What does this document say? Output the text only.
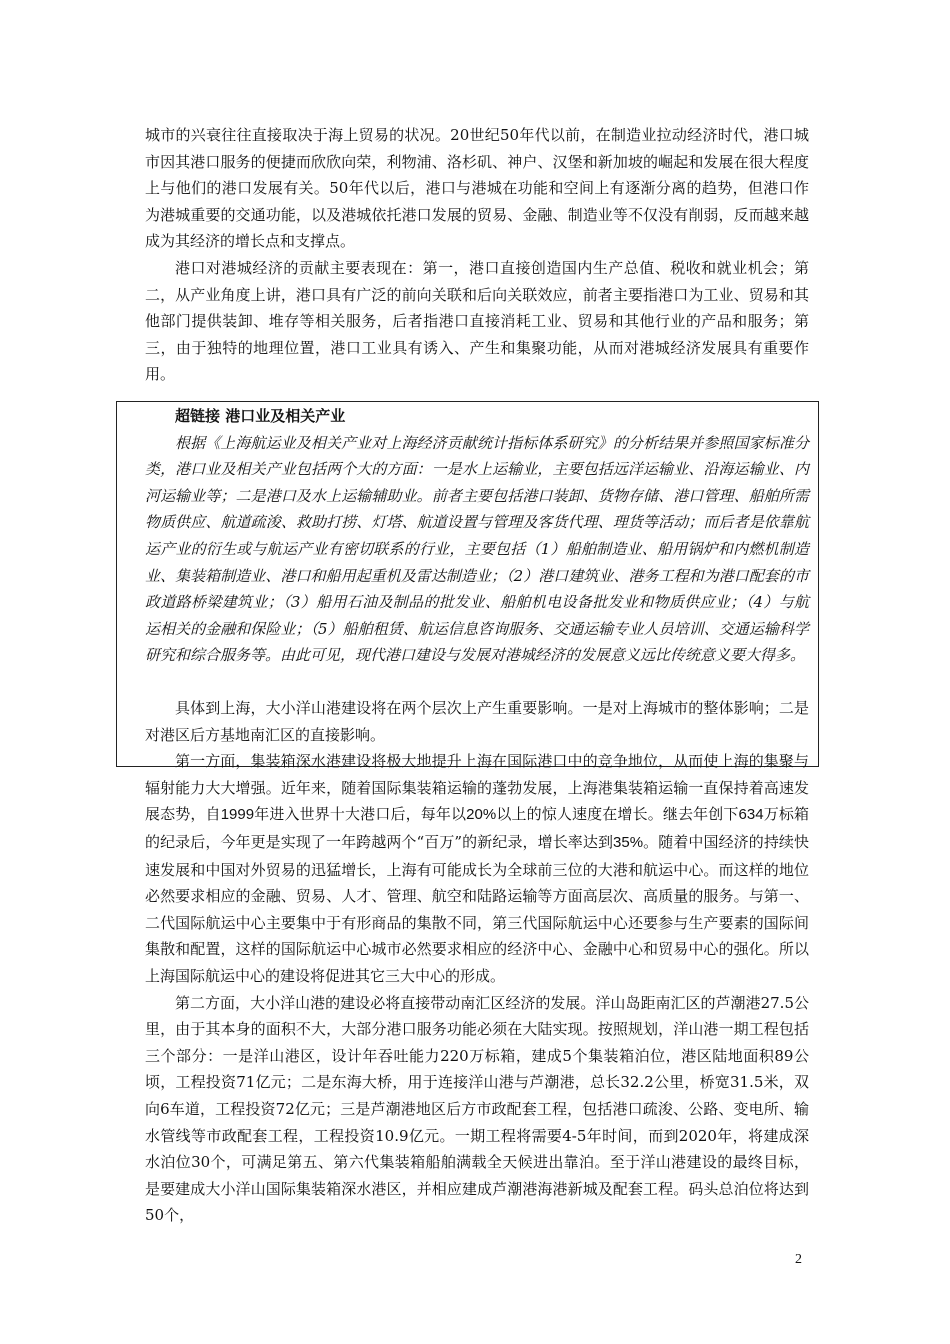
城市的兴衰往往直接取决于海上贸易的状况。20世纪50年代以前，在制造业拉动经济时代，港口城市因其港口服务的便捷而欣欣向荣，利物浦、洛杉矶、神户、汉堡和新加坡的崛起和发展在很大程度上与他们的港口发展有关。50年代以后，港口与港城在功能和空间上有逐渐分离的趋势，但港口作为港城重要的交通功能，以及港城依托港口发展的贸易、金融、制造业等不仅没有削弱，反而越来越成为其经济的增长点和支撑点。

港口对港城经济的贡献主要表现在：第一，港口直接创造国内生产总值、税收和就业机会；第二，从产业角度上讲，港口具有广泛的前向关联和后向关联效应，前者主要指港口为工业、贸易和其他部门提供装卸、堆存等相关服务，后者指港口直接消耗工业、贸易和其他行业的产品和服务；第三，由于独特的地理位置，港口工业具有诱入、产生和集聚功能，从而对港城经济发展具有重要作用。

超链接 港口业及相关产业

根据《上海航运业及相关产业对上海经济贡献统计指标体系研究》的分析结果并参照国家标准分类，港口业及相关产业包括两个大的方面：一是水上运输业，主要包括远洋运输业、沿海运输业、内河运输业等；二是港口及水上运输辅助业。前者主要包括港口装卸、货物存储、港口管理、船舶所需物质供应、航道疏浚、救助打捞、灯塔、航道设置与管理及客货代理、理货等活动；而后者是依靠航运产业的衍生或与航运产业有密切联系的行业，主要包括（1）船舶制造业、船用锅炉和内燃机制造业、集装箱制造业、港口和船用起重机及雷达制造业；（2）港口建筑业、港务工程和为港口配套的市政道路桥梁建筑业；（3）船用石油及制品的批发业、船舶机电设备批发业和物质供应业；（4）与航运相关的金融和保险业；（5）船舶租赁、航运信息咨询服务、交通运输专业人员培训、交通运输科学研究和综合服务等。由此可见，现代港口建设与发展对港城经济的发展意义远比传统意义要大得多。

具体到上海，大小洋山港建设将在两个层次上产生重要影响。一是对上海城市的整体影响；二是对港区后方基地南汇区的直接影响。

第一方面，集装箱深水港建设将极大地提升上海在国际港口中的竞争地位，从而使上海的集聚与辐射能力大大增强。近年来，随着国际集装箱运输的蓬勃发展，上海港集装箱运输一直保持着高速发展态势，自1999年进入世界十大港口后，每年以20%以上的惊人速度在增长。继去年创下634万标箱的纪录后，今年更是实现了一年跨越两个“百万”的新纪录，增长率达到35%。随着中国经济的持续快速发展和中国对外贸易的迅猛增长，上海有可能成长为全球前三位的大港和航运中心。而这样的地位必然要求相应的金融、贸易、人才、管理、航空和陆路运输等方面高层次、高质量的服务。与第一、二代国际航运中心主要集中于有形商品的集散不同，第三代国际航运中心还要参与生产要素的国际间集散和配置，这样的国际航运中心城市必然要求相应的经济中心、金融中心和贸易中心的强化。所以上海国际航运中心的建设将促进其它三大中心的形成。

第二方面，大小洋山港的建设必将直接带动南汇区经济的发展。洋山岛距南汇区的芦潮港27.5公里，由于其本身的面积不大，大部分港口服务功能必须在大陆实现。按照规划，洋山港一期工程包括三个部分：一是洋山港区，设计年吞吐能力220万标箱，建成5个集装箱泊位，港区陆地面积89公顷，工程投资71亿元；二是东海大桥，用于连接洋山港与芦潮港，总长32.2公里，桥宽31.5米，双向6车道，工程投资72亿元；三是芦潮港地区后方市政配套工程，包括港口疏浚、公路、变电所、输水管线等市政配套工程，工程投资10.9亿元。一期工程将需要4-5年时间，而到2020年，将建成深水泊位30个，可满足第五、第六代集装箱船舶满载全天候进出靠泊。至于洋山港建设的最终目标，是要建成大小洋山国际集装箱深水港区，并相应建成芦潮港海港新城及配套工程。码头总泊位将达到 50个，

2
